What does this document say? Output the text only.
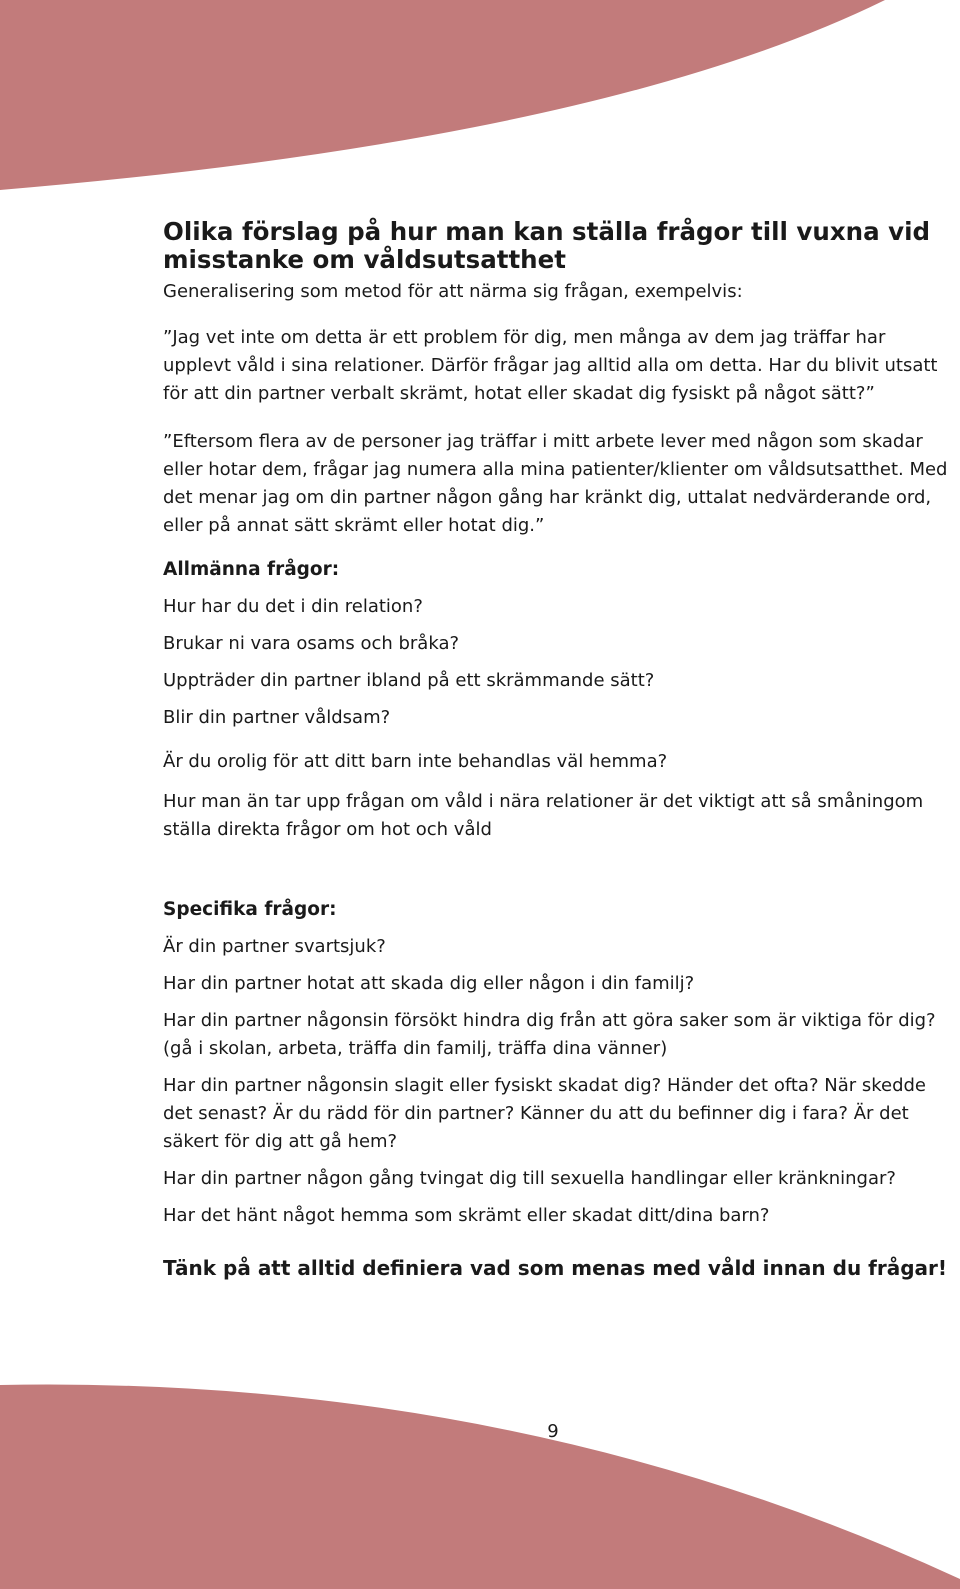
Olika förslag på hur man kan ställa frågor till vuxna vid misstanke om våldsutsatthet

Generalisering som metod för att närma sig frågan, exempelvis:

”Jag vet inte om detta är ett problem för dig, men många av dem jag träffar har upplevt våld i sina relationer. Därför frågar jag alltid alla om detta. Har du blivit utsatt för att din partner verbalt skrämt, hotat eller skadat dig fysiskt på något sätt?”

”Eftersom flera av de personer jag träffar i mitt arbete lever med någon som skadar eller hotar dem, frågar jag numera alla mina patienter/klienter om våldsutsatthet. Med det menar jag om din partner någon gång har kränkt dig, uttalat nedvärderande ord, eller på annat sätt skrämt eller hotat dig.”

Allmänna frågor:
Hur har du det i din relation?
Brukar ni vara osams och bråka?
Uppträder din partner ibland på ett skrämmande sätt?
Blir din partner våldsam?
Är du orolig för att ditt barn inte behandlas väl hemma?

Hur man än tar upp frågan om våld i nära relationer är det viktigt att så småningom ställa direkta frågor om hot och våld

Specifika frågor:
Är din partner svartsjuk?
Har din partner hotat att skada dig eller någon i din familj?
Har din partner någonsin försökt hindra dig från att göra saker som är viktiga för dig? (gå i skolan, arbeta, träffa din familj, träffa dina vänner)
Har din partner någonsin slagit eller fysiskt skadat dig? Händer det ofta? När skedde det senast? Är du rädd för din partner? Känner du att du befinner dig i fara? Är det säkert för dig att gå hem?
Har din partner någon gång tvingat dig till sexuella handlingar eller kränkningar?
Har det hänt något hemma som skrämt eller skadat ditt/dina barn?

Tänk på att alltid definiera vad som menas med våld innan du frågar!

9
